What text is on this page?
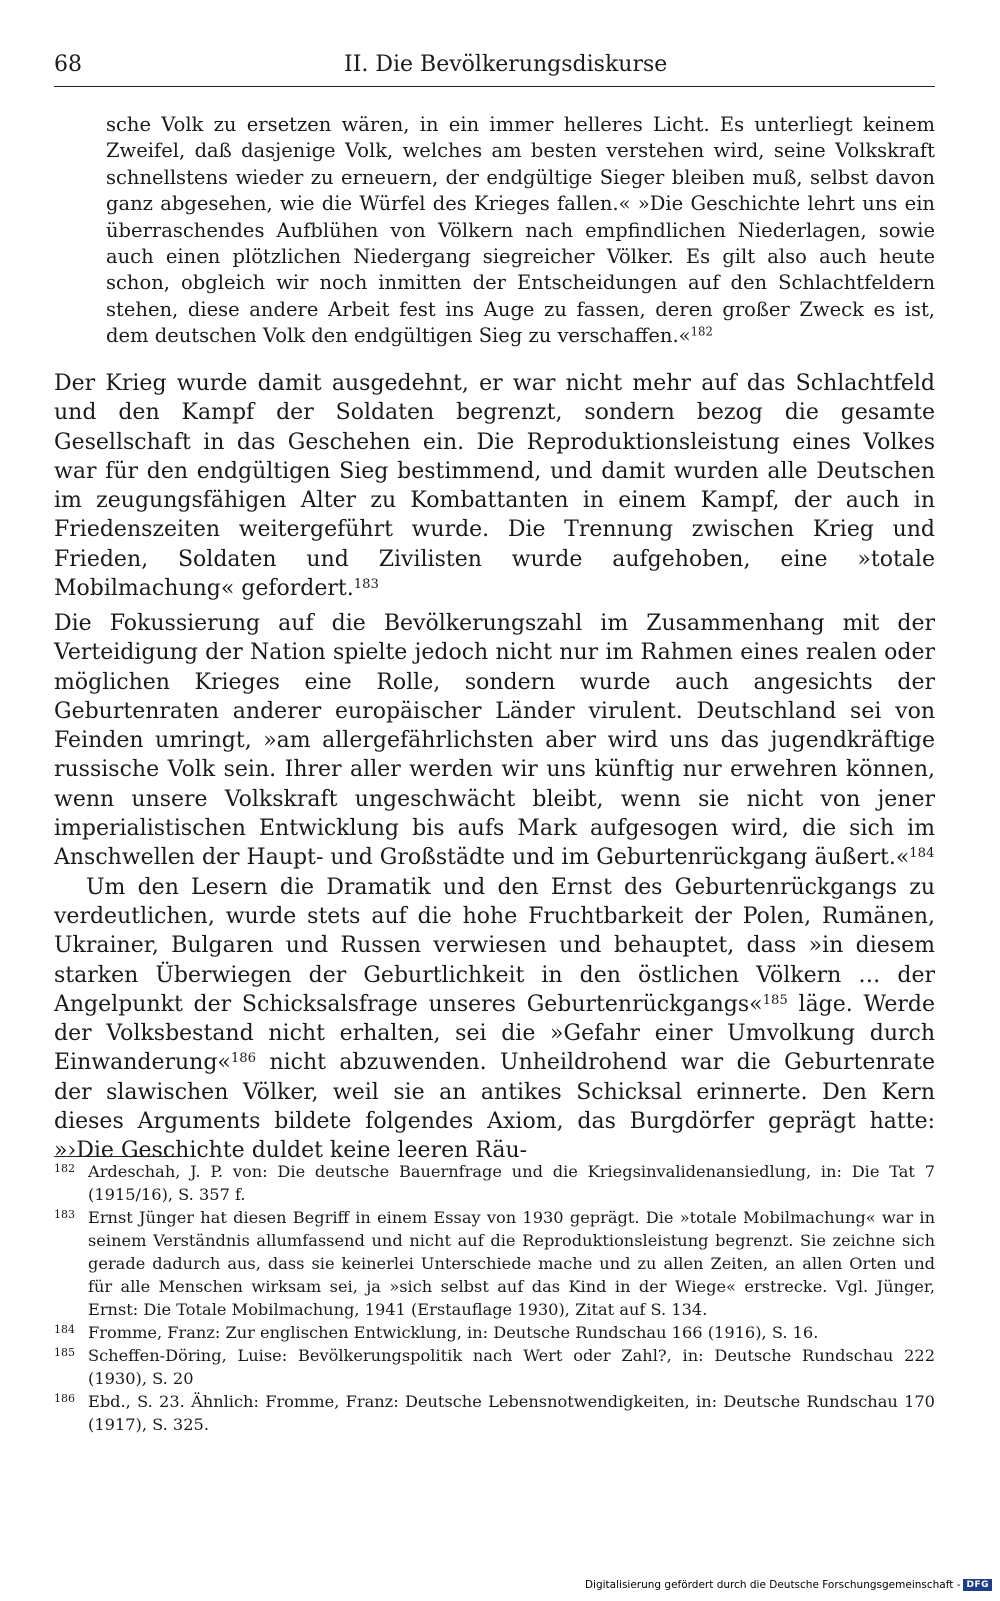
68	II. Die Bevölkerungsdiskurse

sche Volk zu ersetzen wären, in ein immer helleres Licht. Es unterliegt keinem Zweifel, daß dasjenige Volk, welches am besten verstehen wird, seine Volkskraft schnellstens wieder zu erneuern, der endgültige Sieger bleiben muß, selbst davon ganz abgesehen, wie die Würfel des Krieges fallen.« »Die Geschichte lehrt uns ein überraschendes Aufblühen von Völkern nach empfindlichen Niederlagen, sowie auch einen plötzlichen Niedergang siegreicher Völker. Es gilt also auch heute schon, obgleich wir noch inmitten der Entscheidungen auf den Schlachtfeldern stehen, diese andere Arbeit fest ins Auge zu fassen, deren großer Zweck es ist, dem deutschen Volk den endgültigen Sieg zu verschaffen.«$^{182}$

Der Krieg wurde damit ausgedehnt, er war nicht mehr auf das Schlachtfeld und den Kampf der Soldaten begrenzt, sondern bezog die gesamte Gesellschaft in das Geschehen ein. Die Reproduktionsleistung eines Volkes war für den endgültigen Sieg bestimmend, und damit wurden alle Deutschen im zeugungsfähigen Alter zu Kombattanten in einem Kampf, der auch in Friedenszeiten weitergeführt wurde. Die Trennung zwischen Krieg und Frieden, Soldaten und Zivilisten wurde aufgehoben, eine »totale Mobilmachung« gefordert.$^{183}$

Die Fokussierung auf die Bevölkerungszahl im Zusammenhang mit der Verteidigung der Nation spielte jedoch nicht nur im Rahmen eines realen oder möglichen Krieges eine Rolle, sondern wurde auch angesichts der Geburtenraten anderer europäischer Länder virulent. Deutschland sei von Feinden umringt, »am allergefährlichsten aber wird uns das jugendkräftige russische Volk sein. Ihrer aller werden wir uns künftig nur erwehren können, wenn unsere Volkskraft ungeschwächt bleibt, wenn sie nicht von jener imperialistischen Entwicklung bis aufs Mark aufgesogen wird, die sich im Anschwellen der Haupt- und Großstädte und im Geburtenrückgang äußert.«$^{184}$

Um den Lesern die Dramatik und den Ernst des Geburtenrückgangs zu verdeutlichen, wurde stets auf die hohe Fruchtbarkeit der Polen, Rumänen, Ukrainer, Bulgaren und Russen verwiesen und behauptet, dass »in diesem starken Überwiegen der Geburtlichkeit in den östlichen Völkern … der Angelpunkt der Schicksalsfrage unseres Geburtenrückgangs«$^{185}$ läge. Werde der Volksbestand nicht erhalten, sei die »Gefahr einer Umvolkung durch Einwanderung«$^{186}$ nicht abzuwenden. Unheildrohend war die Geburtenrate der slawischen Völker, weil sie an antikes Schicksal erinnerte. Den Kern dieses Arguments bildete folgendes Axiom, das Burgdörfer geprägt hatte: »›Die Geschichte duldet keine leeren Räu-

182 Ardeschah, J. P. von: Die deutsche Bauernfrage und die Kriegsinvalidenansiedlung, in: Die Tat 7 (1915/16), S. 357 f.

183 Ernst Jünger hat diesen Begriff in einem Essay von 1930 geprägt. Die »totale Mobilmachung« war in seinem Verständnis allumfassend und nicht auf die Reproduktionsleistung begrenzt. Sie zeichne sich gerade dadurch aus, dass sie keinerlei Unterschiede mache und zu allen Zeiten, an allen Orten und für alle Menschen wirksam sei, ja »sich selbst auf das Kind in der Wiege« erstrecke. Vgl. Jünger, Ernst: Die Totale Mobilmachung, 1941 (Erstauflage 1930), Zitat auf S. 134.

184 Fromme, Franz: Zur englischen Entwicklung, in: Deutsche Rundschau 166 (1916), S. 16.

185 Scheffen-Döring, Luise: Bevölkerungspolitik nach Wert oder Zahl?, in: Deutsche Rundschau 222 (1930), S. 20

186 Ebd., S. 23. Ähnlich: Fromme, Franz: Deutsche Lebensnotwendigkeiten, in: Deutsche Rundschau 170 (1917), S. 325.

Digitalisierung gefördert durch die Deutsche Forschungsgemeinschaft - DFG
